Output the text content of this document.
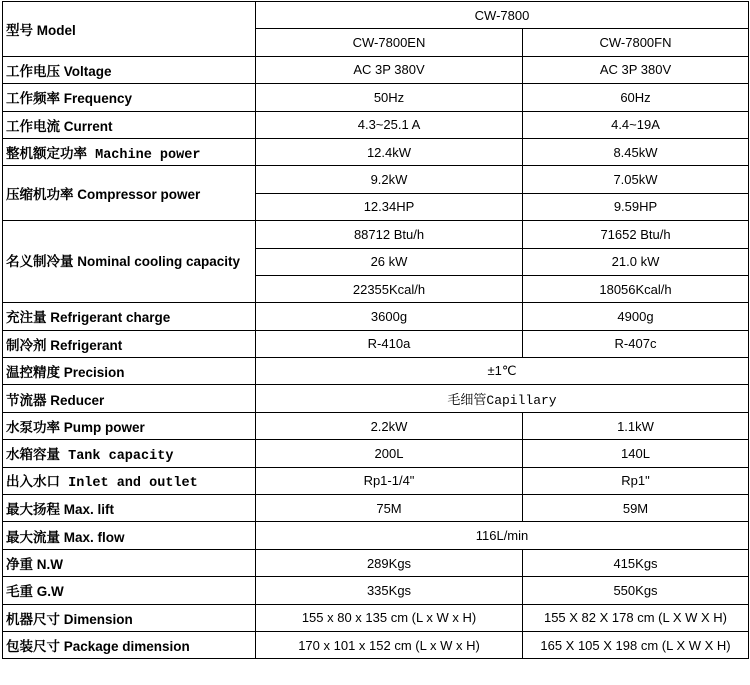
型号 Model	CW-7800	
	CW-7800EN	CW-7800FN
工作电压 Voltage	AC 3P 380V	AC 3P 380V
工作频率 Frequency	50Hz	60Hz
工作电流 Current	4.3~25.1 A	4.4~19A
整机额定功率 Machine power	12.4kW	8.45kW
压缩机功率 Compressor power	9.2kW	7.05kW
	12.34HP	9.59HP
名义制冷量 Nominal cooling capacity	88712 Btu/h	71652 Btu/h
	26 kW	21.0 kW
	22355Kcal/h	18056Kcal/h
充注量 Refrigerant charge	3600g	4900g
制冷剂 Refrigerant	R-410a	R-407c
温控精度 Precision	±1℃	
节流器 Reducer	毛细管Capillary	
水泵功率 Pump power	2.2kW	1.1kW
水箱容量 Tank capacity	200L	140L
出入水口 Inlet and outlet	Rp1-1/4"	Rp1"
最大扬程 Max. lift	75M	59M
最大流量 Max. flow	116L/min	
净重 N.W	289Kgs	415Kgs
毛重 G.W	335Kgs	550Kgs
机器尺寸 Dimension	155 x 80 x 135 cm (L x W x H)	155 X 82 X 178 cm (L X W X H)
包装尺寸 Package dimension	170 x 101 x 152 cm (L x W x H)	165 X 105 X 198 cm (L X W X H)
